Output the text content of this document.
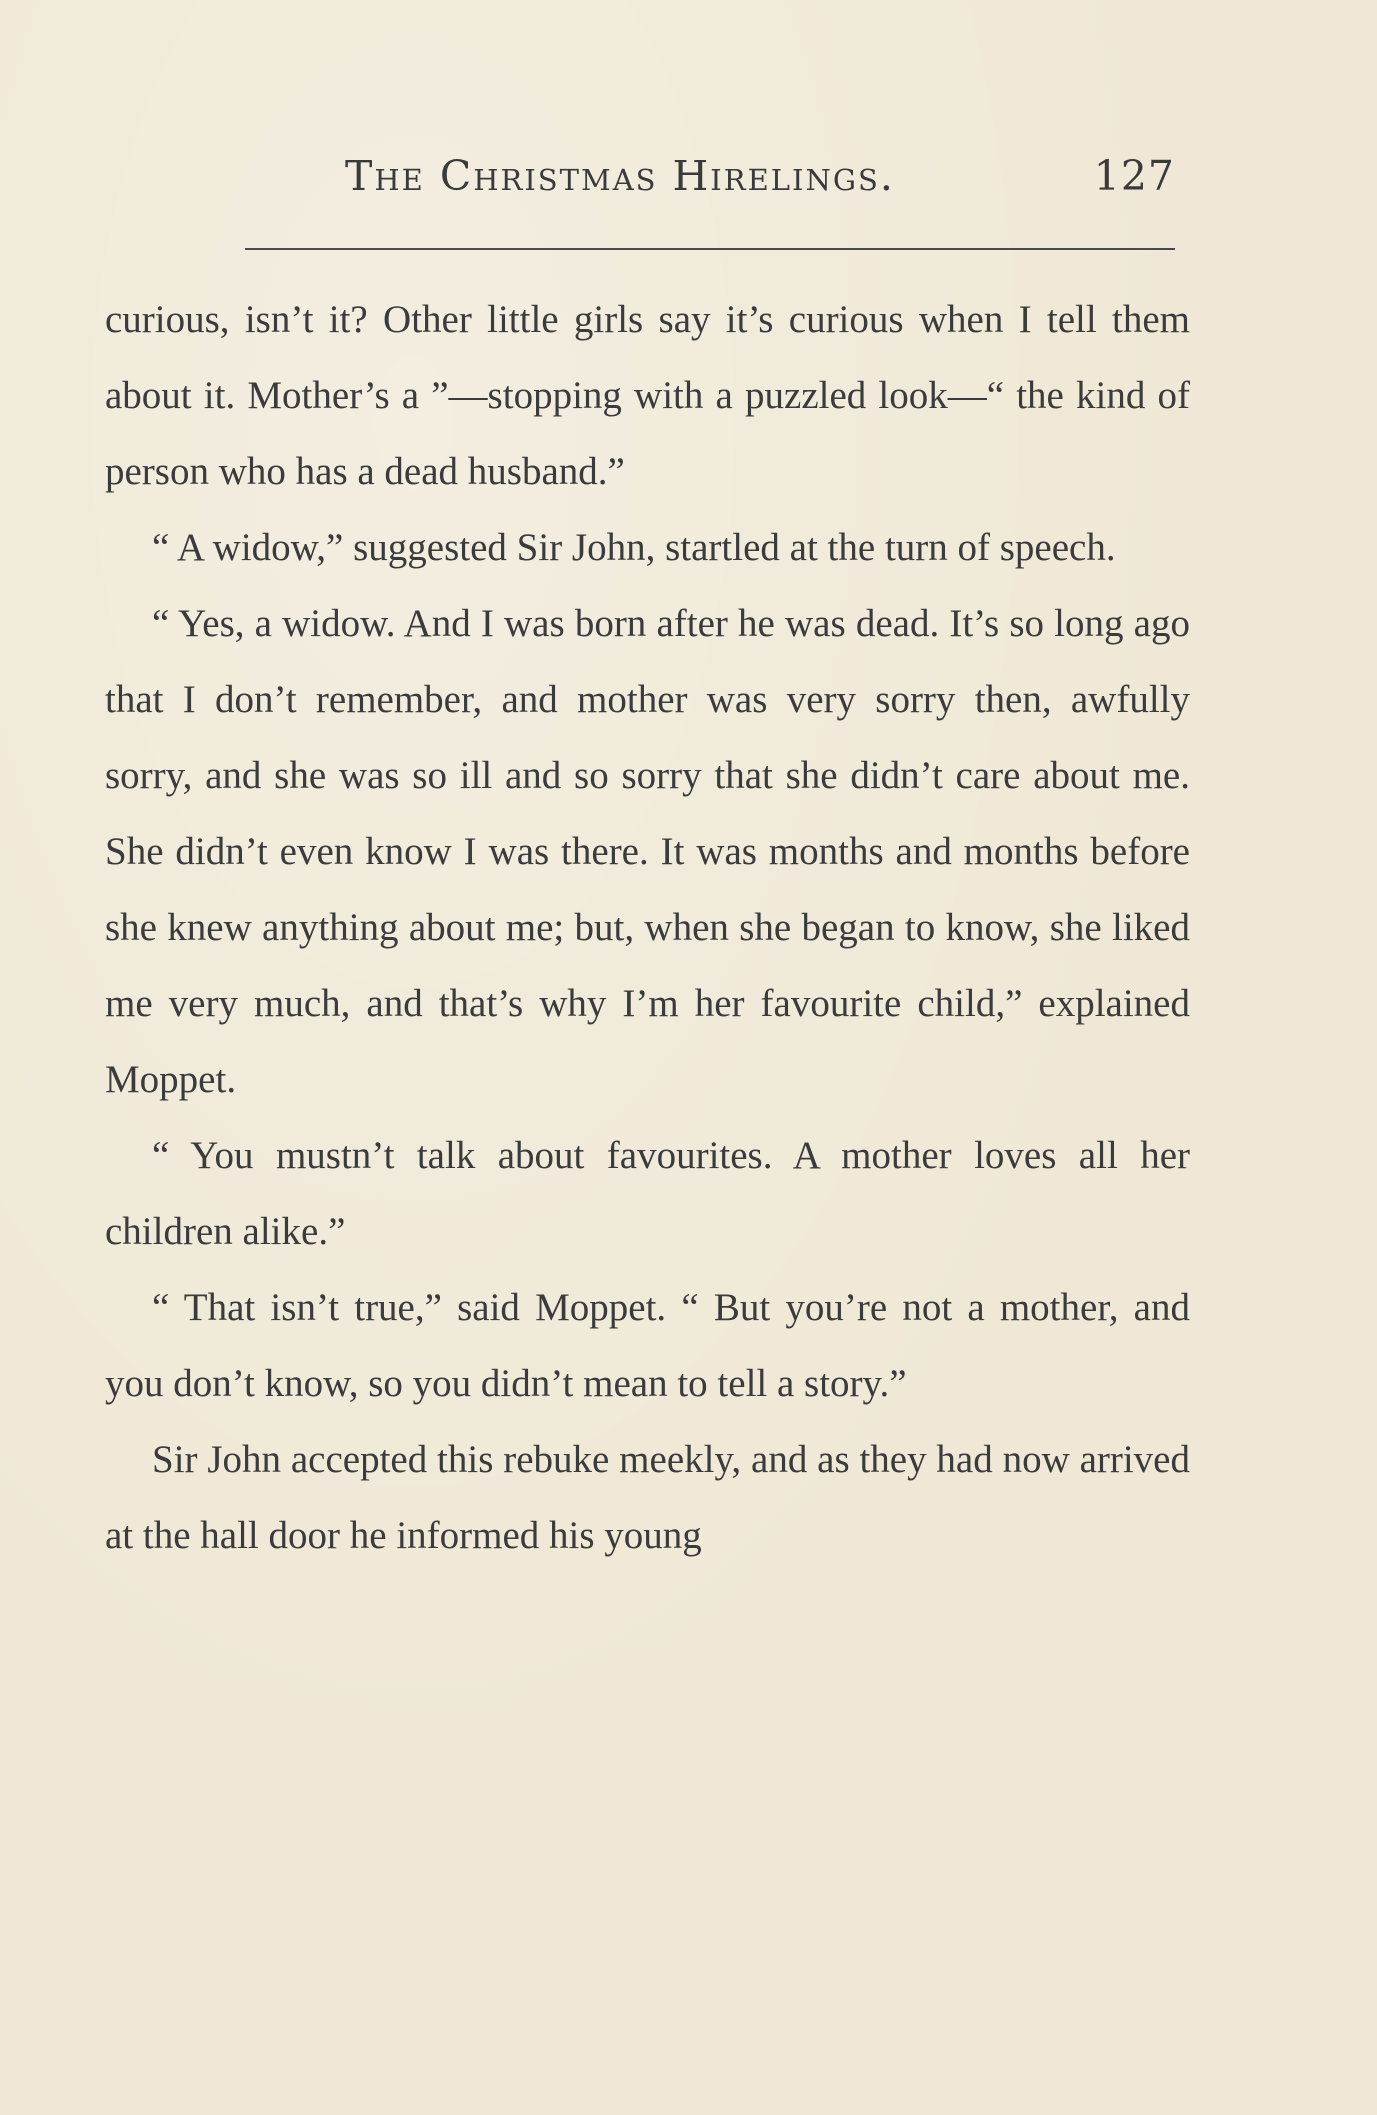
The Christmas Hirelings.	127

curious, isn’t it? Other little girls say it’s curious when I tell them about it. Mother’s a ”—stopping with a puzzled look—“ the kind of person who has a dead husband.”

“ A widow,” suggested Sir John, startled at the turn of speech.

“ Yes, a widow. And I was born after he was dead. It’s so long ago that I don’t remember, and mother was very sorry then, awfully sorry, and she was so ill and so sorry that she didn’t care about me. She didn’t even know I was there. It was months and months before she knew anything about me; but, when she began to know, she liked me very much, and that’s why I’m her favourite child,” explained Moppet.

“ You mustn’t talk about favourites. A mother loves all her children alike.”

“ That isn’t true,” said Moppet. “ But you’re not a mother, and you don’t know, so you didn’t mean to tell a story.”

Sir John accepted this rebuke meekly, and as they had now arrived at the hall door he informed his young
